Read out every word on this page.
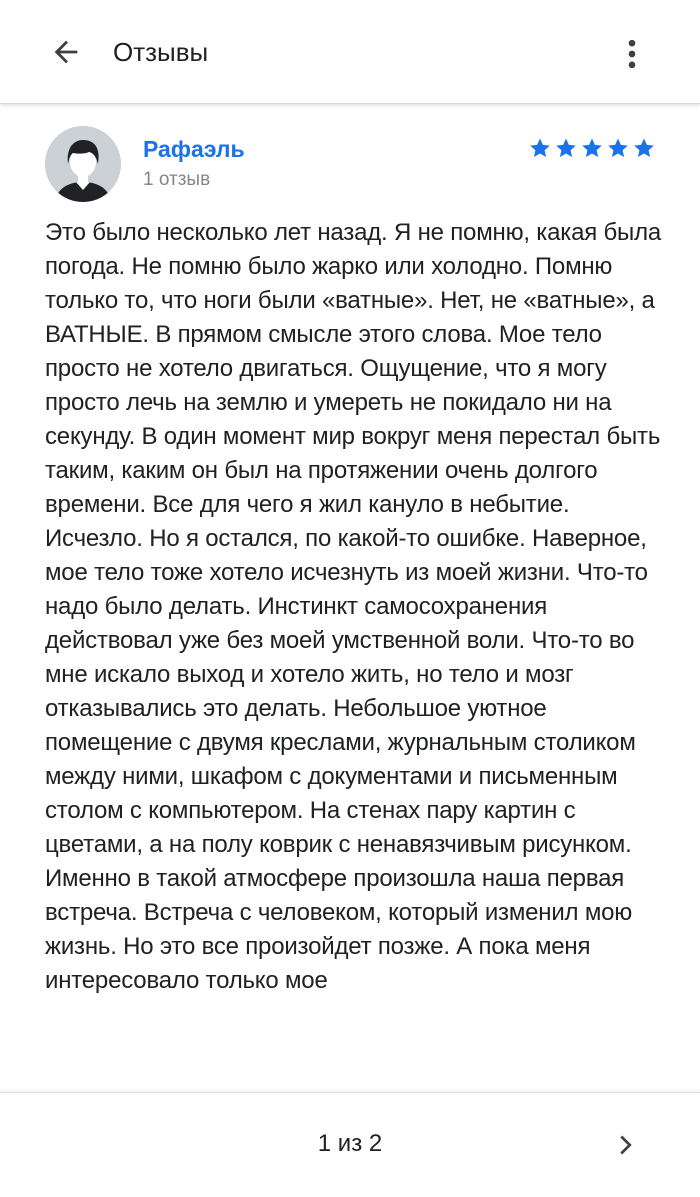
Отзывы
Рафаэль
1 отзыв
Это было несколько лет назад. Я не помню, какая была погода. Не помню было жарко или холодно. Помню только то, что ноги были «ватные». Нет, не «ватные», а ВАТНЫЕ. В прямом смысле этого слова. Мое тело просто не хотело двигаться. Ощущение, что я могу просто лечь на землю и умереть не покидало ни на секунду. В один момент мир вокруг меня перестал быть таким, каким он был на протяжении очень долгого времени. Все для чего я жил кануло в небытие. Исчезло. Но я остался, по какой-то ошибке. Наверное, мое тело тоже хотело исчезнуть из моей жизни. Что-то надо было делать. Инстинкт самосохранения действовал уже без моей умственной воли. Что-то во мне искало выход и хотело жить, но тело и мозг отказывались это делать. Небольшое уютное помещение с двумя креслами, журнальным столиком между ними, шкафом с документами и письменным столом с компьютером. На стенах пару картин с цветами, а на полу коврик с ненавязчивым рисунком. Именно в такой атмосфере произошла наша первая встреча. Встреча с человеком, который изменил мою жизнь. Но это все произойдет позже. А пока меня интересовало только мое
1 из 2
